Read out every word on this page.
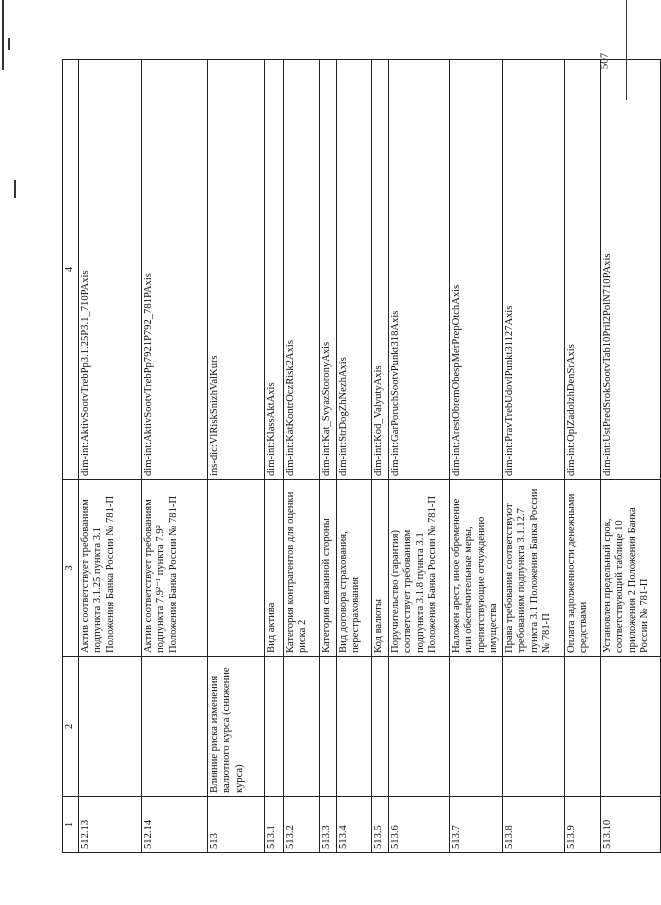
507
1	2	3	4
512.13		Актив соответствует требованиям подпункта 3.1.25 пункта 3.1 Положения Банка России № 781-П	dim-int:AktivSootvTrebPp3.1.25P3.1_710PAxis
512.14		Актив соответствует требованиям подпункта 7.9²⁻¹ пункта 7.9² Положения Банка России № 781-П	dim-int:AktivSootvTrebPp7921P792_781PAxis
513	Влияние риска изменения валютного курса (снижение курса)		ins-dic:VlRiskSnizhValKurs
513.1		Вид актива	dim-int:KlassAktAxis
513.2		Категория контрагентов для оценки риска 2	dim-int:KatKontrOczRisk2Axis
513.3		Категория связанной стороны	dim-int:Kat_SvyazStoronyAxis
513.4		Вид договора страхования, перестрахования	dim-int:StrDogZhNezhAxis
513.5		Код валюты	dim-int:Kod_ValyutyAxis
513.6		Поручительство (гарантия) соответствует требованиям подпункта 3.1.8 пункта 3.1 Положения Банка России № 781-П	dim-int:GarPoruchSootvPunkt318Axis
513.7		Наложен арест, иное обременение или обеспечительные меры, препятствующие отчуждению имущества	dim-int:ArestObremObespMerPrepOtchAxis
513.8		Права требования соответствуют требованиям подпункта 3.1.12.7 пункта 3.1 Положения Банка России № 781-П	dim-int:PravTrebUdovlPunkt31127Axis
513.9		Оплата задолженности денежными средствами	dim-int:OplZadolzhDenSrAxis
513.10		Установлен предельный срок, соответствующий таблице 10 приложения 2 Положения Банка России № 781-П	dim-int:UstPredSrokSootvTab10Pril2PolN710PAxis
